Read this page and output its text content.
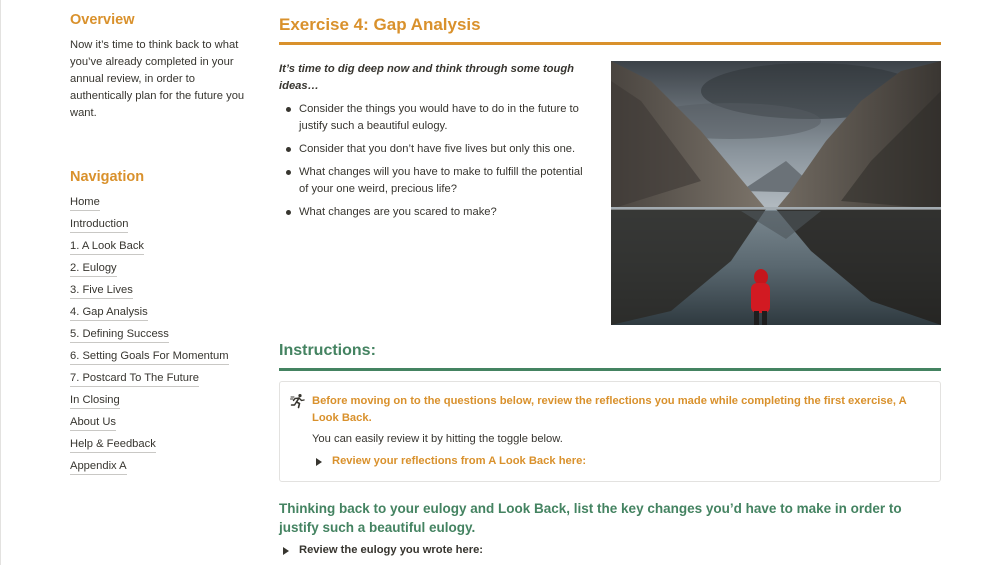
Overview

Now it’s time to think back to what you’ve already completed in your annual review, in order to authentically plan for the future you want.

Navigation
Home
Introduction
1. A Look Back
2. Eulogy
3. Five Lives
4. Gap Analysis
5. Defining Success
6. Setting Goals For Momentum
7. Postcard To The Future
In Closing
About Us
Help & Feedback
Appendix A
Exercise 4: Gap Analysis

It’s time to dig deep now and think through some tough ideas…

Consider the things you would have to do in the future to justify such a beautiful eulogy.
Consider that you don’t have five lives but only this one.
What changes will you have to make to fulfill the potential of your one weird, precious life?
What changes are you scared to make?
Instructions:

Before moving on to the questions below, review the reflections you made while completing the first exercise, A Look Back.

You can easily review it by hitting the toggle below.

Review your reflections from A Look Back here:
Thinking back to your eulogy and Look Back, list the key changes you’d have to make in order to justify such a beautiful eulogy.
Review the eulogy you wrote here:
